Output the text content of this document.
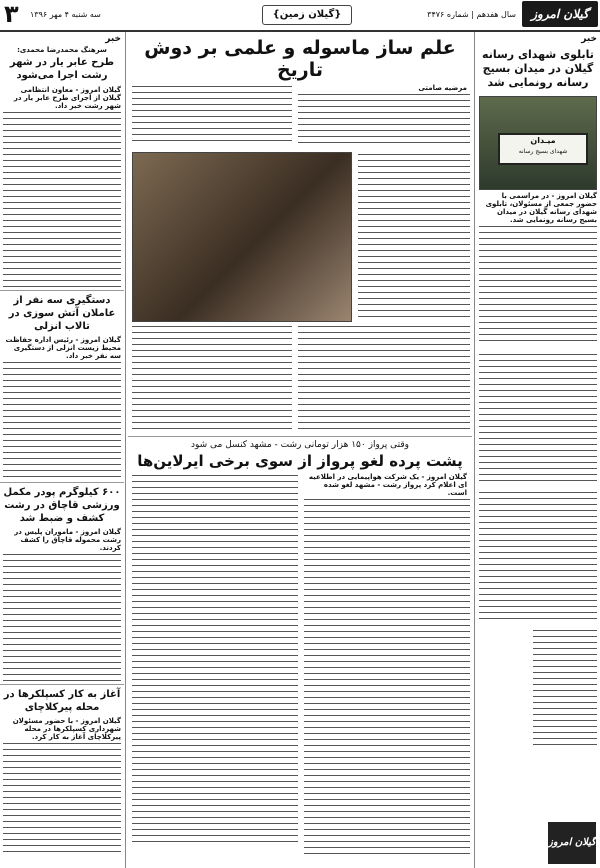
۳ سه شنبه ۴ مهر ۱۳۹۶	{گیلان زمین}	سال هفدهم | شماره ۳۴۷۶	گیلان امروز
خبر
تابلوی شهدای رسانه گیلان در میدان بسیج رسانه رونمایی شد
میـدان
شهدای بسیج رسانه
گیلان امروز - در مراسمی با حضور جمعی از مسئولان، تابلوی شهدای رسانه گیلان در میدان بسیج رسانه رونمایی شد.
گیلان امروز
علم ساز ماسوله و علمی بر دوش تاریخ
مرضیه صامتی
وقتی پرواز ۱۵۰ هزار تومانی رشت - مشهد کنسل می شود
پشت پرده لغو پرواز از سوی برخی ایرلاین‌ها
گیلان امروز - یک شرکت هواپیمایی در اطلاعیه ای اعلام کرد پرواز رشت - مشهد لغو شده است.
خبر
سرهنگ محمدرضا محمدی:
طرح عابر یار در شهر رشت اجرا می‌شود
گیلان امروز - معاون انتظامی گیلان از اجرای طرح عابر یار در شهر رشت خبر داد.
دستگیری سه نفر از عاملان آتش سوزی در تالاب انزلی
گیلان امروز - رئیس اداره حفاظت محیط زیست انزلی از دستگیری سه نفر خبر داد.
۶۰۰ کیلوگرم پودر مکمل ورزشی قاچاق در رشت کشف و ضبط شد
گیلان امروز - ماموران پلیس در رشت محموله قاچاق را کشف کردند.
آغاز به کار کسپلکرها در محله پیرکلاچای
گیلان امروز - با حضور مسئولان شهرداری کسپلکرها در محله پیرکلاچای آغاز به کار کرد.
